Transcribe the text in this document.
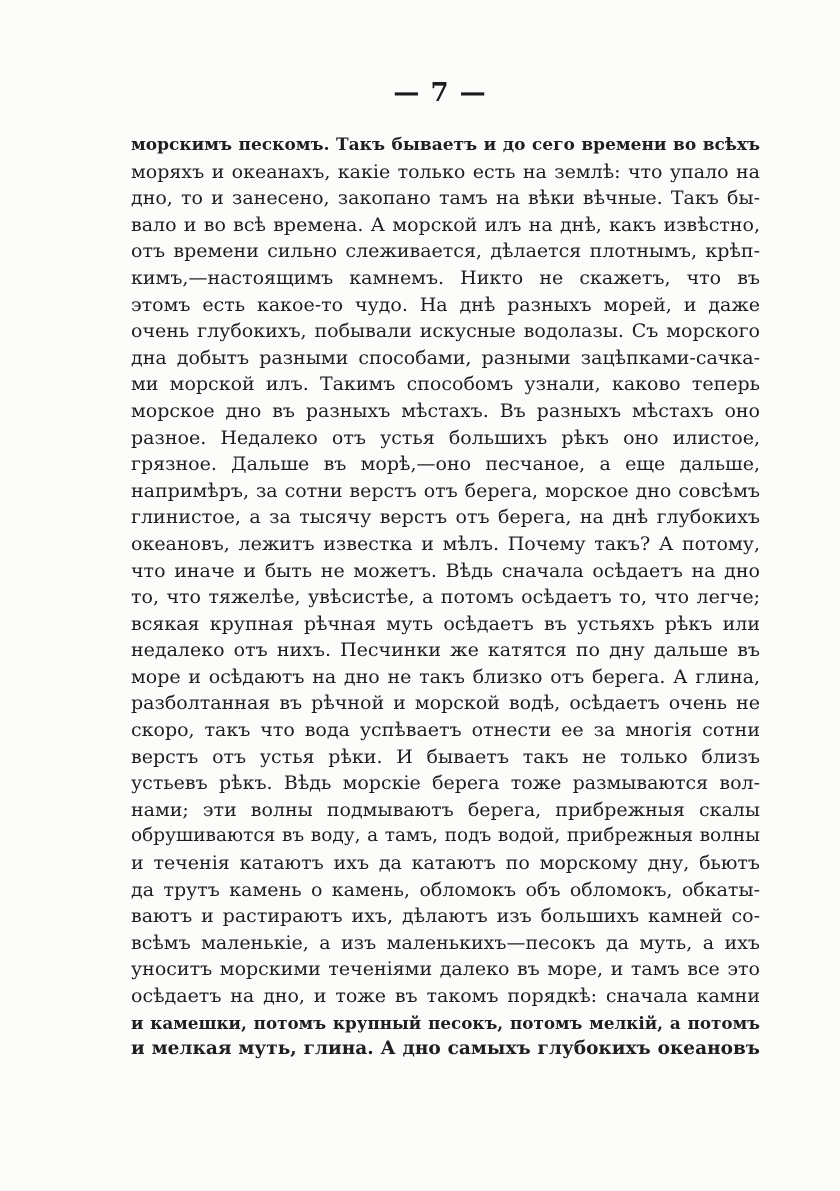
— 7 —
морскимъ пескомъ. Такъ бываетъ и до сего времени во всѣхъ
моряхъ и океанахъ, какіе только есть на землѣ: что упало на
дно, то и занесено, закопано тамъ на вѣки вѣчные. Такъ бы-
вало и во всѣ времена. А морской илъ на днѣ, какъ извѣстно,
отъ времени сильно слеживается, дѣлается плотнымъ, крѣп-
кимъ,—настоящимъ камнемъ. Никто не скажетъ, что въ
этомъ есть какое-то чудо. На днѣ разныхъ морей, и даже
очень глубокихъ, побывали искусные водолазы. Съ морского
дна добытъ разными способами, разными зацѣпками-сачка-
ми морской илъ. Такимъ способомъ узнали, каково теперь
морское дно въ разныхъ мѣстахъ. Въ разныхъ мѣстахъ оно
разное. Недалеко отъ устья большихъ рѣкъ оно илистое,
грязное. Дальше въ морѣ,—оно песчаное, а еще дальше,
напримѣръ, за сотни верстъ отъ берега, морское дно совсѣмъ
глинистое, а за тысячу верстъ отъ берега, на днѣ глубокихъ
океановъ, лежитъ известка и мѣлъ. Почему такъ? А потому,
что иначе и быть не можетъ. Вѣдь сначала осѣдаетъ на дно
то, что тяжелѣе, увѣсистѣе, а потомъ осѣдаетъ то, что легче;
всякая крупная рѣчная муть осѣдаетъ въ устьяхъ рѣкъ или
недалеко отъ нихъ. Песчинки же катятся по дну дальше въ
море и осѣдаютъ на дно не такъ близко отъ берега. А глина,
разболтанная въ рѣчной и морской водѣ, осѣдаетъ очень не
скоро, такъ что вода успѣваетъ отнести ее за многія сотни
верстъ отъ устья рѣки. И бываетъ такъ не только близъ
устьевъ рѣкъ. Вѣдь морскіе берега тоже размываются вол-
нами; эти волны подмываютъ берега, прибрежныя скалы
обрушиваются въ воду, а тамъ, подъ водой, прибрежныя волны
и теченія катаютъ ихъ да катаютъ по морскому дну, бьютъ
да трутъ камень о камень, обломокъ объ обломокъ, обкаты-
ваютъ и растираютъ ихъ, дѣлаютъ изъ большихъ камней со-
всѣмъ маленькіе, а изъ маленькихъ—песокъ да муть, а ихъ
уноситъ морскими теченіями далеко въ море, и тамъ все это
осѣдаетъ на дно, и тоже въ такомъ порядкѣ: сначала камни
и камешки, потомъ крупный песокъ, потомъ мелкій, а потомъ
и мелкая муть, глина. А дно самыхъ глубокихъ океановъ
